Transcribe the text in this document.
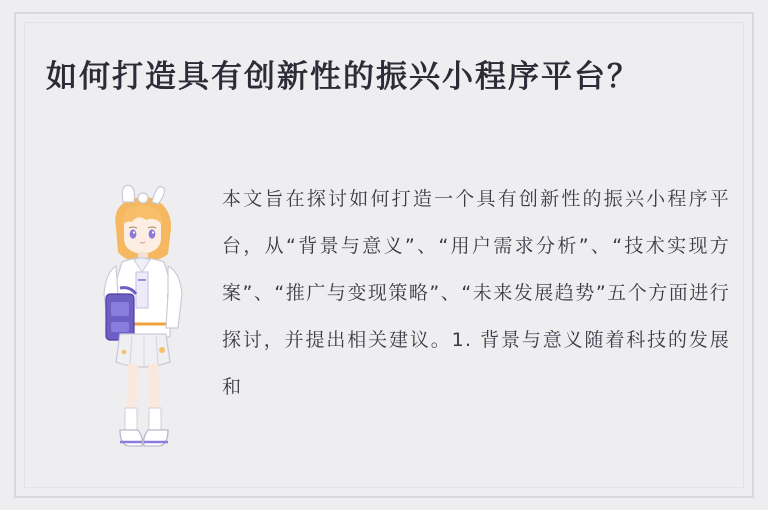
如何打造具有创新性的振兴小程序平台？
本文旨在探讨如何打造一个具有创新性的振兴小程序平台，从“背景与意义”、“用户需求分析”、“技术实现方案”、“推广与变现策略”、“未来发展趋势”五个方面进行探讨，并提出相关建议。1. 背景与意义随着科技的发展和
